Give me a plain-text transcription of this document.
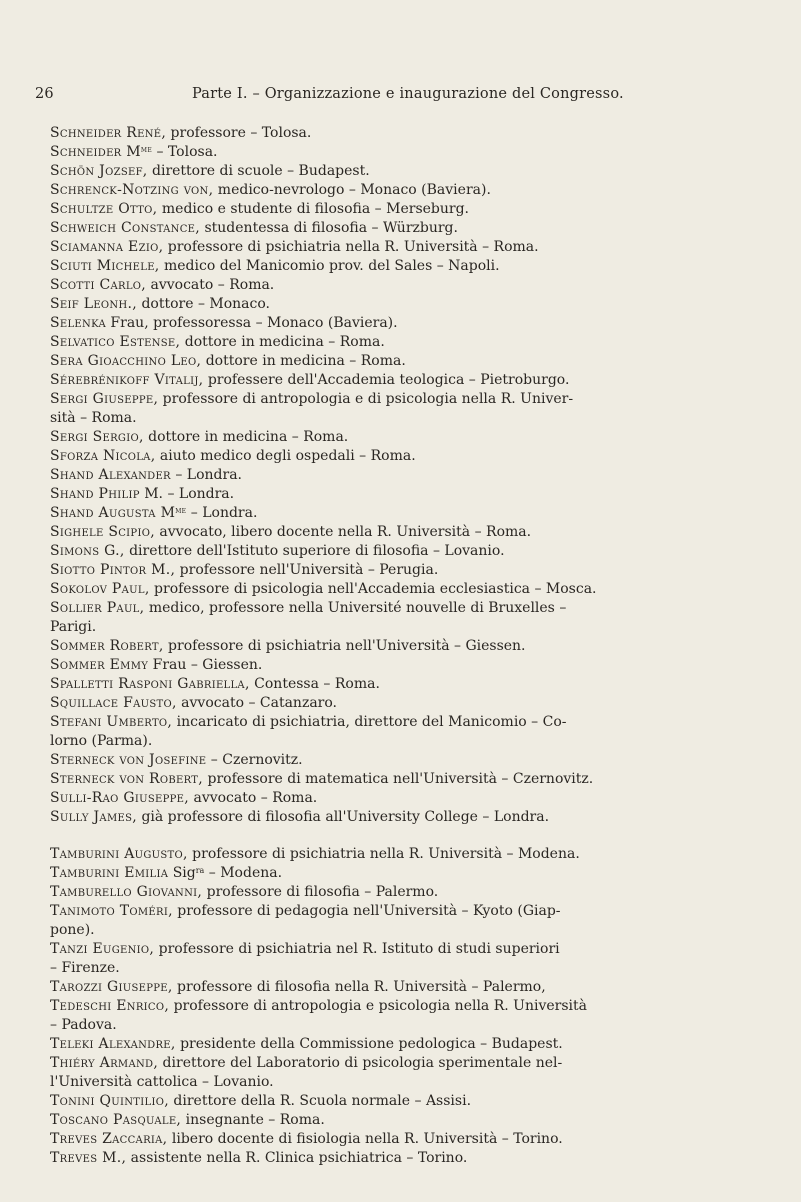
26	Parte I. – Organizzazione e inaugurazione del Congresso.
Schneider René, professore – Tolosa.
Schneider $M^{me}$ – Tolosa.
Schön Jozsef, direttore di scuole – Budapest.
Schrenck-Notzing von, medico-nevrologo – Monaco (Baviera).
Schultze Otto, medico e studente di filosofia – Merseburg.
Schweich Constance, studentessa di filosofia – Würzburg.
Sciamanna Ezio, professore di psichiatria nella R. Università – Roma.
Sciuti Michele, medico del Manicomio prov. del Sales – Napoli.
Scotti Carlo, avvocato – Roma.
Seif Leonh., dottore – Monaco.
Selenka Frau, professoressa – Monaco (Baviera).
Selvatico Estense, dottore in medicina – Roma.
Sera Gioacchino Leo, dottore in medicina – Roma.
Sérebrénikoff Vitalij, professere dell'Accademia teologica – Pietroburgo.
Sergi Giuseppe, professore di antropologia e di psicologia nella R. Univer-
sità – Roma.
Sergi Sergio, dottore in medicina – Roma.
Sforza Nicola, aiuto medico degli ospedali – Roma.
Shand Alexander – Londra.
Shand Philip M. – Londra.
Shand Augusta $M^{me}$ – Londra.
Sighele Scipio, avvocato, libero docente nella R. Università – Roma.
Simons G., direttore dell'Istituto superiore di filosofia – Lovanio.
Siotto Pintor M., professore nell'Università – Perugia.
Sokolov Paul, professore di psicologia nell'Accademia ecclesiastica – Mosca.
Sollier Paul, medico, professore nella Université nouvelle di Bruxelles –
Parigi.
Sommer Robert, professore di psichiatria nell'Università – Giessen.
Sommer Emmy Frau – Giessen.
Spalletti Rasponi Gabriella, Contessa – Roma.
Squillace Fausto, avvocato – Catanzaro.
Stefani Umberto, incaricato di psichiatria, direttore del Manicomio – Co-
lorno (Parma).
Sterneck von Josefine – Czernovitz.
Sterneck von Robert, professore di matematica nell'Università – Czernovitz.
Sulli-Rao Giuseppe, avvocato – Roma.
Sully James, già professore di filosofia all'University College – Londra.
Tamburini Augusto, professore di psichiatria nella R. Università – Modena.
Tamburini Emilia Sig$^{ra}$ – Modena.
Tamburello Giovanni, professore di filosofia – Palermo.
Tanimoto Toméri, professore di pedagogia nell'Università – Kyoto (Giap-
pone).
Tanzi Eugenio, professore di psichiatria nel R. Istituto di studi superiori
– Firenze.
Tarozzi Giuseppe, professore di filosofia nella R. Università – Palermo,
Tedeschi Enrico, professore di antropologia e psicologia nella R. Università
– Padova.
Teleki Alexandre, presidente della Commissione pedologica – Budapest.
Thiéry Armand, direttore del Laboratorio di psicologia sperimentale nel-
l'Università cattolica – Lovanio.
Tonini Quintilio, direttore della R. Scuola normale – Assisi.
Toscano Pasquale, insegnante – Roma.
Treves Zaccaria, libero docente di fisiologia nella R. Università – Torino.
Treves M., assistente nella R. Clinica psichiatrica – Torino.
